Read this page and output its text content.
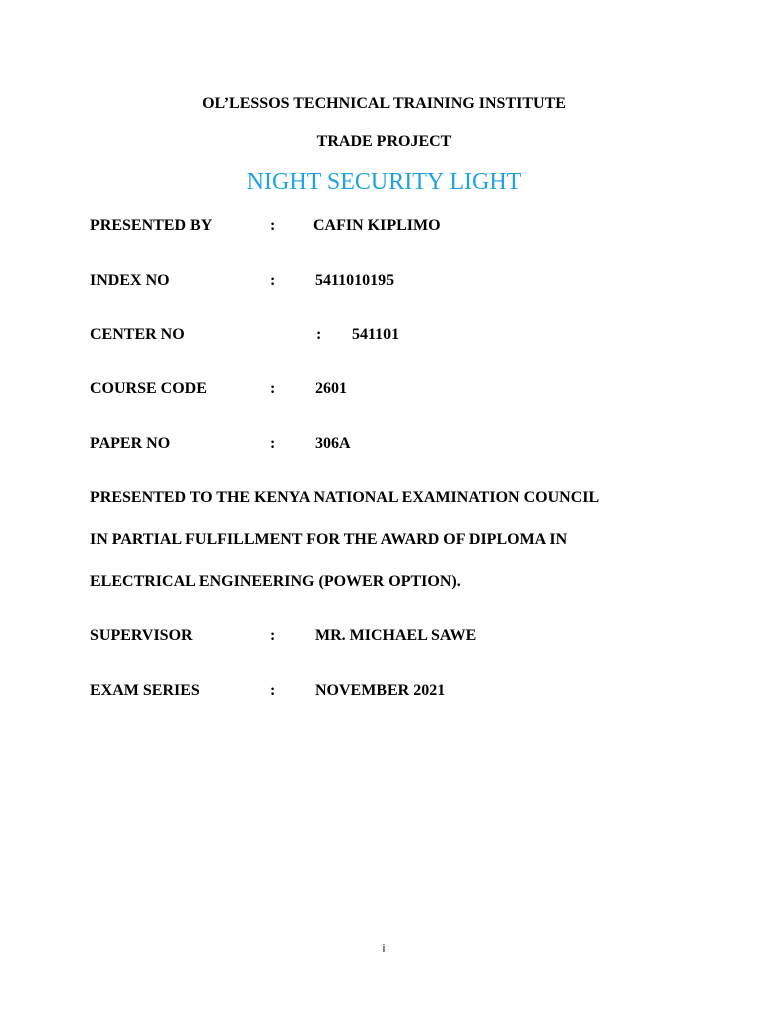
OL’LESSOS TECHNICAL TRAINING INSTITUTE
TRADE PROJECT
NIGHT SECURITY LIGHT
PRESENTED BY	: CAFIN KIPLIMO
INDEX NO	: 5411010195
CENTER NO	: 541101
COURSE CODE	: 2601
PAPER NO	: 306A
PRESENTED TO THE KENYA NATIONAL EXAMINATION COUNCIL
IN PARTIAL FULFILLMENT FOR THE AWARD OF DIPLOMA IN
ELECTRICAL ENGINEERING (POWER OPTION).
SUPERVISOR	: MR. MICHAEL SAWE
EXAM SERIES	: NOVEMBER 2021
i
